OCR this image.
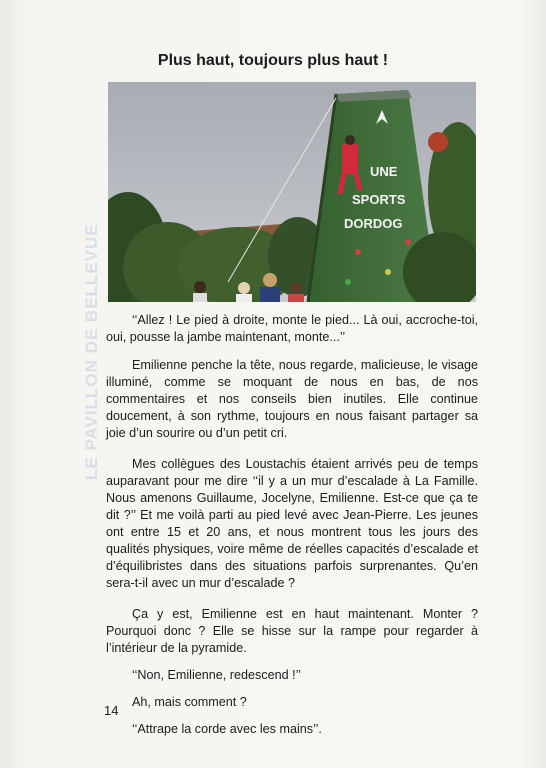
LE PAVILLON DE BELLEVUE
Plus haut, toujours plus haut !
UNE
SPORTS
DORDOG

‘‘Allez ! Le pied à droite, monte le pied... Là oui, accroche-toi, oui, pousse la jambe maintenant, monte...’’

Emilienne penche la tête, nous regarde, malicieuse, le visage illuminé, comme se moquant de nous en bas, de nos commentaires et nos conseils bien inutiles. Elle continue doucement, à son rythme, toujours en nous faisant partager sa joie d’un sourire ou d’un petit cri.

Mes collègues des Loustachis étaient arrivés peu de temps auparavant pour me dire ‘‘il y a un mur d’escalade à La Famille. Nous amenons Guillaume, Jocelyne, Emilienne. Est-ce que ça te dit ?’’ Et me voilà parti au pied levé avec Jean-Pierre. Les jeunes ont entre 15 et 20 ans, et nous montrent tous les jours des qualités physiques, voire même de réelles capacités d’escalade et d’équilibristes dans des situations parfois surprenantes. Qu’en sera-t-il avec un mur d’escalade ?

Ça y est, Emilienne est en haut maintenant. Monter ? Pourquoi donc ? Elle se hisse sur la rampe pour regarder à l’intérieur de la pyramide.

‘‘Non, Emilienne, redescend !’’

Ah, mais comment ?

‘‘Attrape la corde avec les mains’’.

14
